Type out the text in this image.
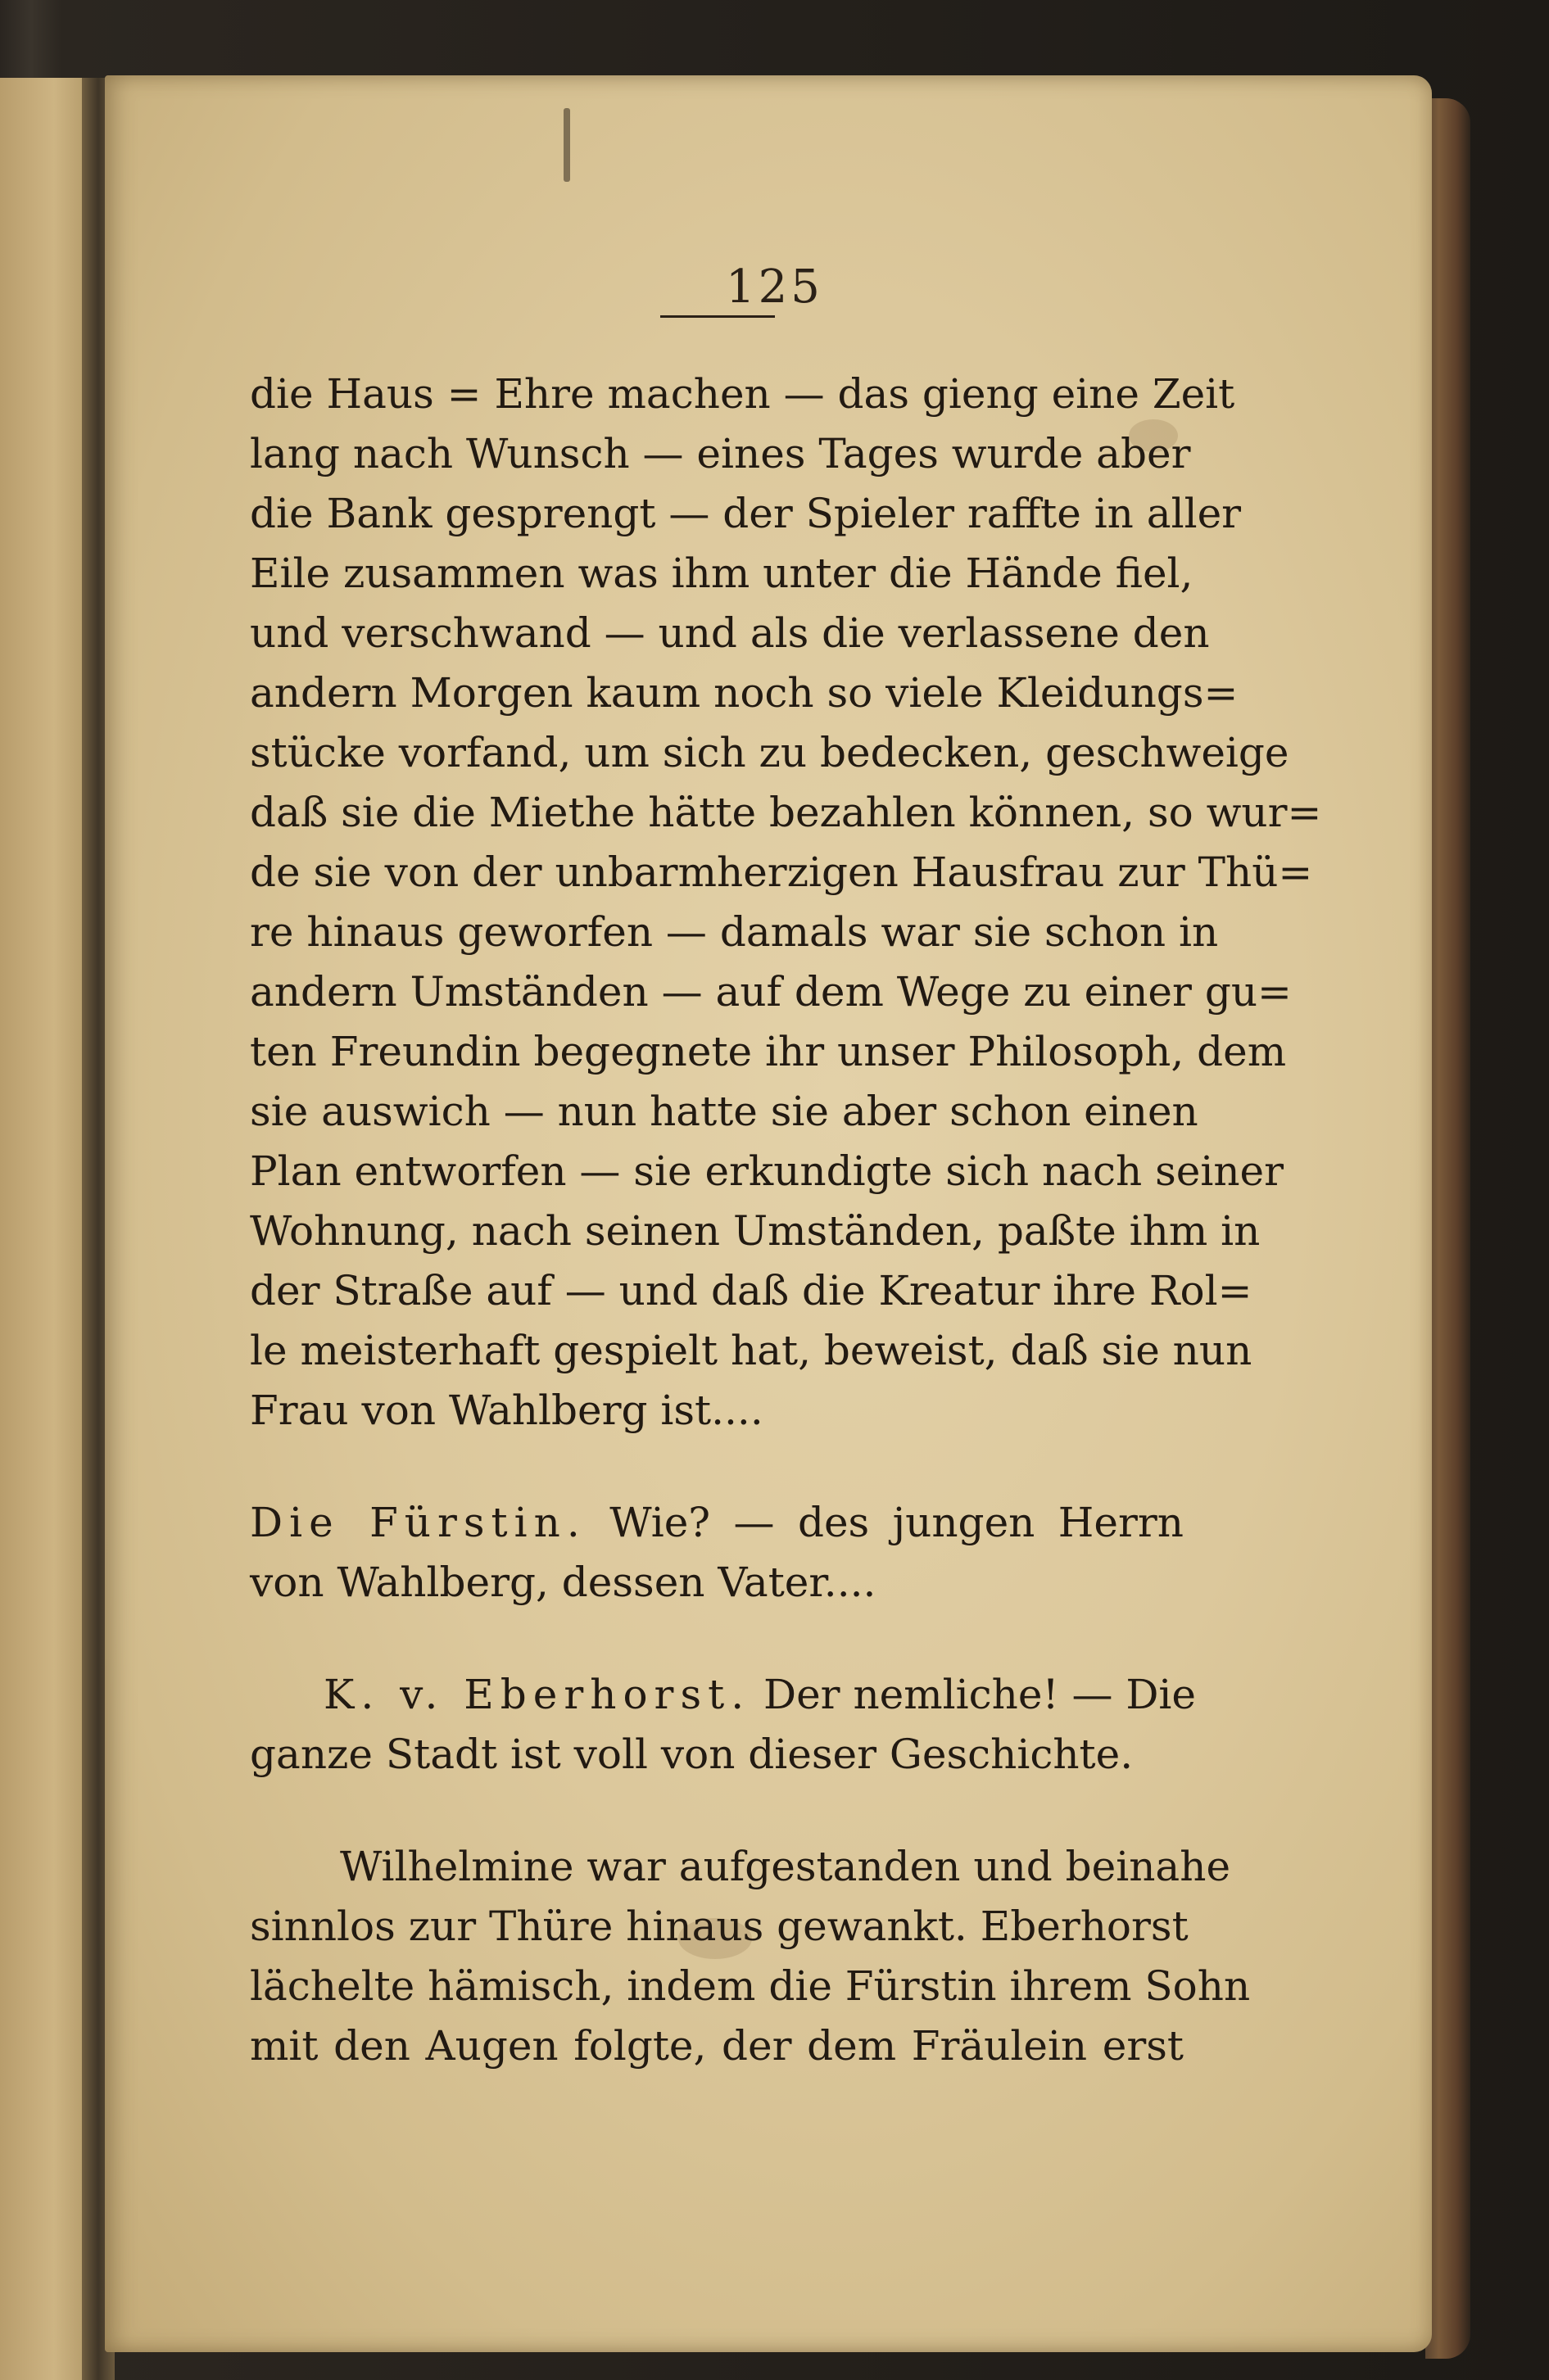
125
die Haus = Ehre machen — das gieng eine Zeit
lang nach Wunsch — eines Tages wurde aber
die Bank gesprengt — der Spieler raffte in aller
Eile zusammen was ihm unter die Hände fiel,
und verschwand — und als die verlassene den
andern Morgen kaum noch so viele Kleidungs=
stücke vorfand, um sich zu bedecken, geschweige
daß sie die Miethe hätte bezahlen können, so wur=
de sie von der unbarmherzigen Hausfrau zur Thü=
re hinaus geworfen — damals war sie schon in
andern Umständen — auf dem Wege zu einer gu=
ten Freundin begegnete ihr unser Philosoph, dem
sie auswich — nun hatte sie aber schon einen
Plan entworfen — sie erkundigte sich nach seiner
Wohnung, nach seinen Umständen, paßte ihm in
der Straße auf — und daß die Kreatur ihre Rol=
le meisterhaft gespielt hat, beweist, daß sie nun
Frau von Wahlberg ist....
Die Fürstin. Wie? — des jungen Herrn
von Wahlberg, dessen Vater....
K. v. Eberhorst. Der nemliche! — Die
ganze Stadt ist voll von dieser Geschichte.
Wilhelmine war aufgestanden und beinahe
sinnlos zur Thüre hinaus gewankt. Eberhorst
lächelte hämisch, indem die Fürstin ihrem Sohn
mit den Augen folgte, der dem Fräulein erst
